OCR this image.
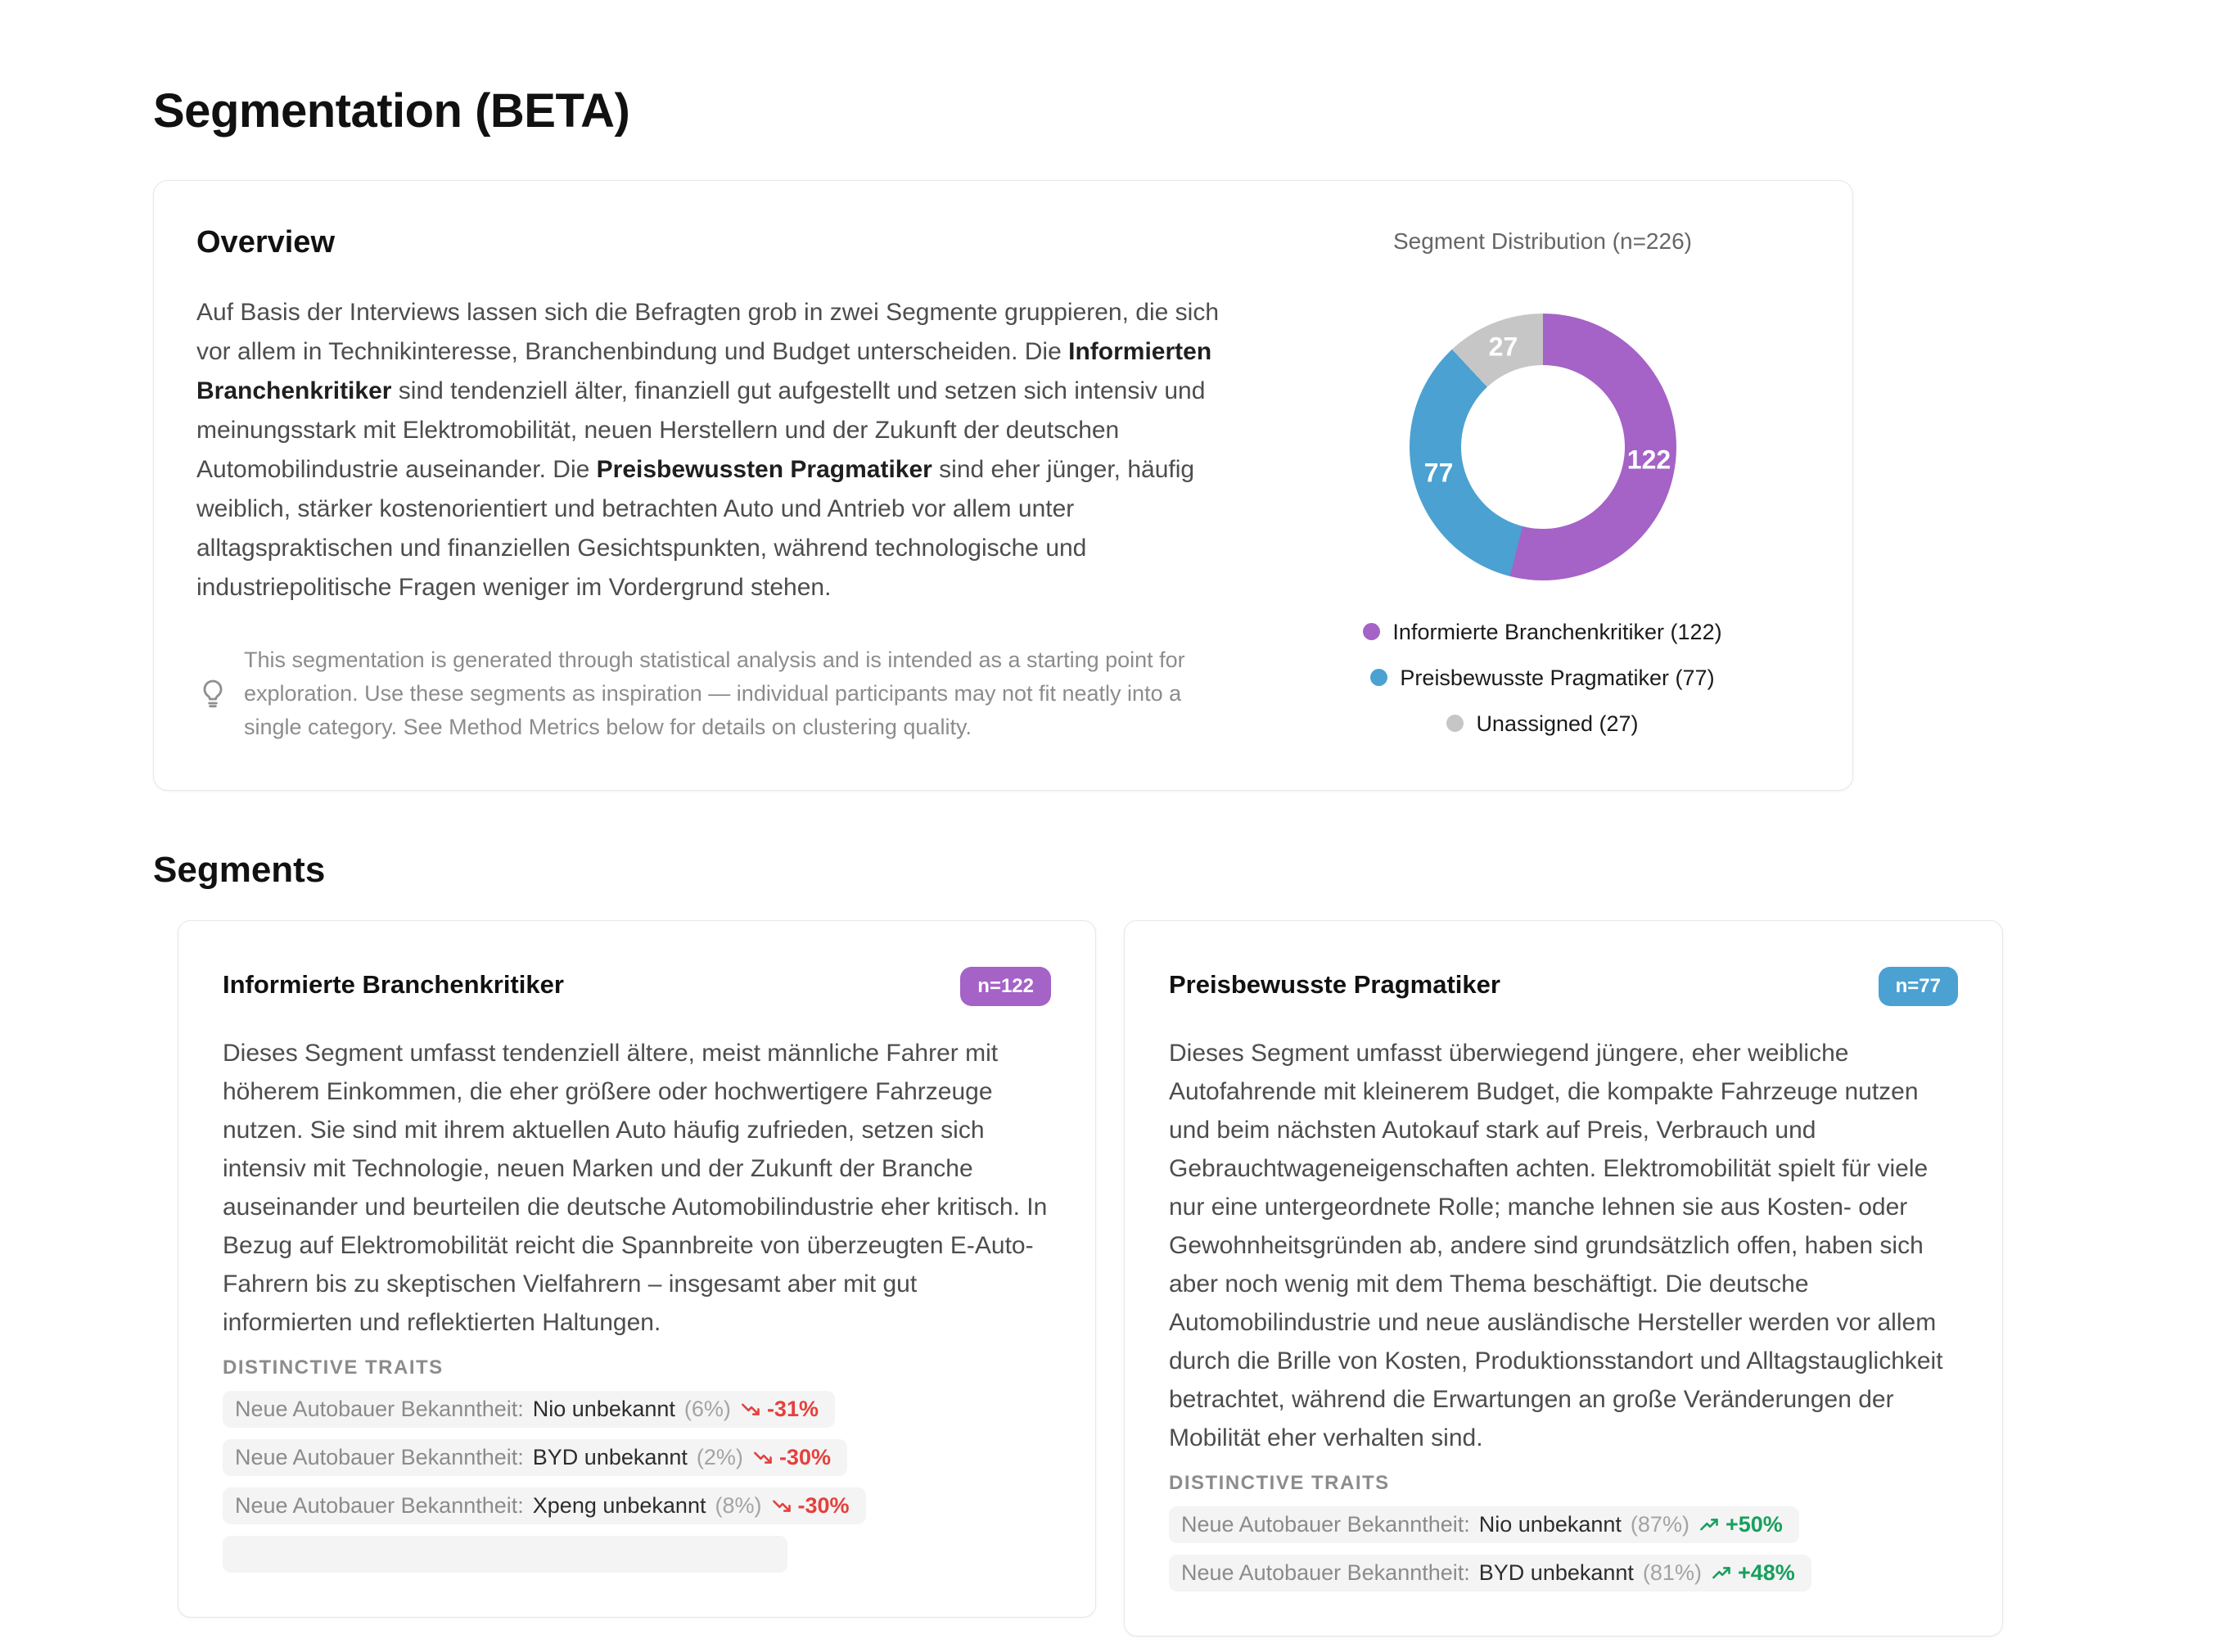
Segmentation (BETA)
Overview

Auf Basis der Interviews lassen sich die Befragten grob in zwei Segmente gruppieren, die sich vor allem in Technikinteresse, Branchenbindung und Budget unterscheiden. Die Informierten Branchenkritiker sind tendenziell älter, finanziell gut aufgestellt und setzen sich intensiv und meinungsstark mit Elektromobilität, neuen Herstellern und der Zukunft der deutschen Automobilindustrie auseinander. Die Preisbewussten Pragmatiker sind eher jünger, häufig weiblich, stärker kostenorientiert und betrachten Auto und Antrieb vor allem unter alltagspraktischen und finanziellen Gesichtspunkten, während technologische und industriepolitische Fragen weniger im Vordergrund stehen.

This segmentation is generated through statistical analysis and is intended as a starting point for exploration. Use these segments as inspiration — individual participants may not fit neatly into a single category. See Method Metrics below for details on clustering quality.
Segment Distribution (n=226)
122
77
27
Informierte Branchenkritiker (122)
Preisbewusste Pragmatiker (77)
Unassigned (27)
Segments
Informierte Branchenkritiker	n=122

Dieses Segment umfasst tendenziell ältere, meist männliche Fahrer mit höherem Einkommen, die eher größere oder hochwertigere Fahrzeuge nutzen. Sie sind mit ihrem aktuellen Auto häufig zufrieden, setzen sich intensiv mit Technologie, neuen Marken und der Zukunft der Branche auseinander und beurteilen die deutsche Automobilindustrie eher kritisch. In Bezug auf Elektromobilität reicht die Spannbreite von überzeugten E-Auto-Fahrern bis zu skeptischen Vielfahrern – insgesamt aber mit gut informierten und reflektierten Haltungen.

DISTINCTIVE TRAITS
Neue Autobauer Bekanntheit: Nio unbekannt (6%) -31%
Neue Autobauer Bekanntheit: BYD unbekannt (2%) -30%
Neue Autobauer Bekanntheit: Xpeng unbekannt (8%) -30%
Preisbewusste Pragmatiker	n=77

Dieses Segment umfasst überwiegend jüngere, eher weibliche Autofahrende mit kleinerem Budget, die kompakte Fahrzeuge nutzen und beim nächsten Autokauf stark auf Preis, Verbrauch und Gebrauchtwageneigenschaften achten. Elektromobilität spielt für viele nur eine untergeordnete Rolle; manche lehnen sie aus Kosten- oder Gewohnheitsgründen ab, andere sind grundsätzlich offen, haben sich aber noch wenig mit dem Thema beschäftigt. Die deutsche Automobilindustrie und neue ausländische Hersteller werden vor allem durch die Brille von Kosten, Produktionsstandort und Alltagstauglichkeit betrachtet, während die Erwartungen an große Veränderungen der Mobilität eher verhalten sind.

DISTINCTIVE TRAITS
Neue Autobauer Bekanntheit: Nio unbekannt (87%) +50%
Neue Autobauer Bekanntheit: BYD unbekannt (81%) +48%
